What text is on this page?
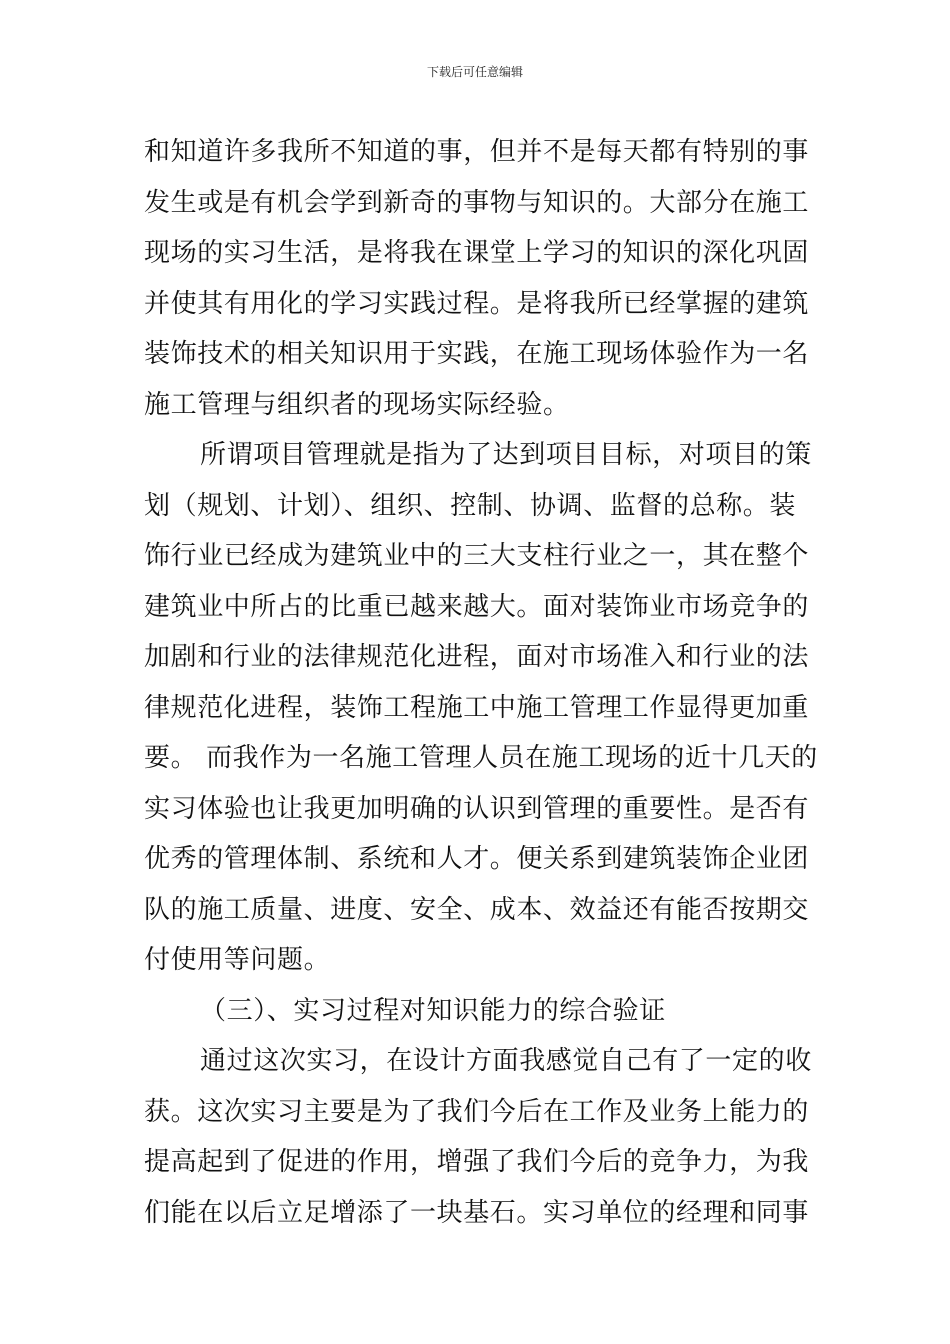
下载后可任意编辑
和知道许多我所不知道的事，但并不是每天都有特别的事
发生或是有机会学到新奇的事物与知识的。大部分在施工
现场的实习生活，是将我在课堂上学习的知识的深化巩固
并使其有用化的学习实践过程。是将我所已经掌握的建筑
装饰技术的相关知识用于实践，在施工现场体验作为一名
施工管理与组织者的现场实际经验。
所谓项目管理就是指为了达到项目目标，对项目的策
划（规划、计划）、组织、控制、协调、监督的总称。装
饰行业已经成为建筑业中的三大支柱行业之一，其在整个
建筑业中所占的比重已越来越大。面对装饰业市场竞争的
加剧和行业的法律规范化进程，面对市场准入和行业的法
律规范化进程，装饰工程施工中施工管理工作显得更加重
要。 而我作为一名施工管理人员在施工现场的近十几天的
实习体验也让我更加明确的认识到管理的重要性。是否有
优秀的管理体制、系统和人才。便关系到建筑装饰企业团
队的施工质量、进度、安全、成本、效益还有能否按期交
付使用等问题。
（三）、实习过程对知识能力的综合验证
通过这次实习，在设计方面我感觉自己有了一定的收
获。这次实习主要是为了我们今后在工作及业务上能力的
提高起到了促进的作用，增强了我们今后的竞争力，为我
们能在以后立足增添了一块基石。实习单位的经理和同事
